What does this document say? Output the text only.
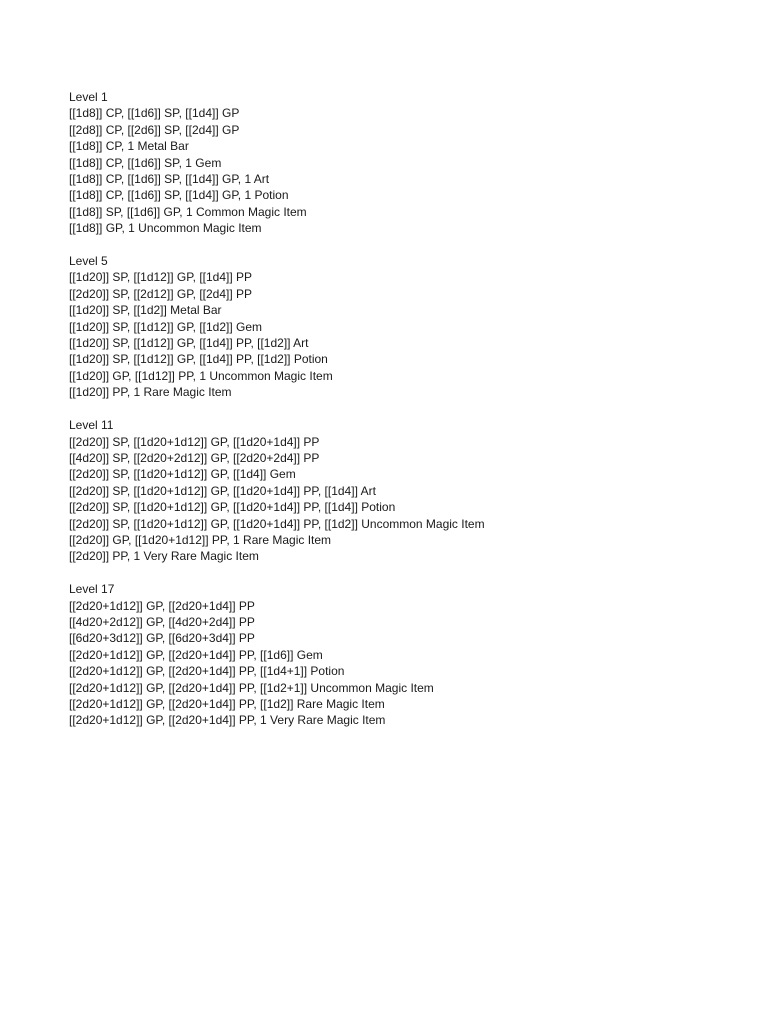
Level 1
[[1d8]] CP, [[1d6]] SP, [[1d4]] GP
[[2d8]] CP, [[2d6]] SP, [[2d4]] GP
[[1d8]] CP, 1 Metal Bar
[[1d8]] CP, [[1d6]] SP, 1 Gem
[[1d8]] CP, [[1d6]] SP, [[1d4]] GP, 1 Art
[[1d8]] CP, [[1d6]] SP, [[1d4]] GP, 1 Potion
[[1d8]] SP, [[1d6]] GP, 1 Common Magic Item
[[1d8]] GP, 1 Uncommon Magic Item
Level 5
[[1d20]] SP, [[1d12]] GP, [[1d4]] PP
[[2d20]] SP, [[2d12]] GP, [[2d4]] PP
[[1d20]] SP, [[1d2]] Metal Bar
[[1d20]] SP, [[1d12]] GP, [[1d2]] Gem
[[1d20]] SP, [[1d12]] GP, [[1d4]] PP, [[1d2]] Art
[[1d20]] SP, [[1d12]] GP, [[1d4]] PP, [[1d2]] Potion
[[1d20]] GP, [[1d12]] PP, 1 Uncommon Magic Item
[[1d20]] PP, 1 Rare Magic Item
Level 11
[[2d20]] SP, [[1d20+1d12]] GP, [[1d20+1d4]] PP
[[4d20]] SP, [[2d20+2d12]] GP, [[2d20+2d4]] PP
[[2d20]] SP, [[1d20+1d12]] GP, [[1d4]] Gem
[[2d20]] SP, [[1d20+1d12]] GP, [[1d20+1d4]] PP, [[1d4]] Art
[[2d20]] SP, [[1d20+1d12]] GP, [[1d20+1d4]] PP, [[1d4]] Potion
[[2d20]] SP, [[1d20+1d12]] GP, [[1d20+1d4]] PP, [[1d2]] Uncommon Magic Item
[[2d20]] GP, [[1d20+1d12]] PP, 1 Rare Magic Item
[[2d20]] PP, 1 Very Rare Magic Item
Level 17
[[2d20+1d12]] GP, [[2d20+1d4]] PP
[[4d20+2d12]] GP, [[4d20+2d4]] PP
[[6d20+3d12]] GP, [[6d20+3d4]] PP
[[2d20+1d12]] GP, [[2d20+1d4]] PP, [[1d6]] Gem
[[2d20+1d12]] GP, [[2d20+1d4]] PP, [[1d4+1]] Potion
[[2d20+1d12]] GP, [[2d20+1d4]] PP, [[1d2+1]] Uncommon Magic Item
[[2d20+1d12]] GP, [[2d20+1d4]] PP, [[1d2]] Rare Magic Item
[[2d20+1d12]] GP, [[2d20+1d4]] PP, 1 Very Rare Magic Item
